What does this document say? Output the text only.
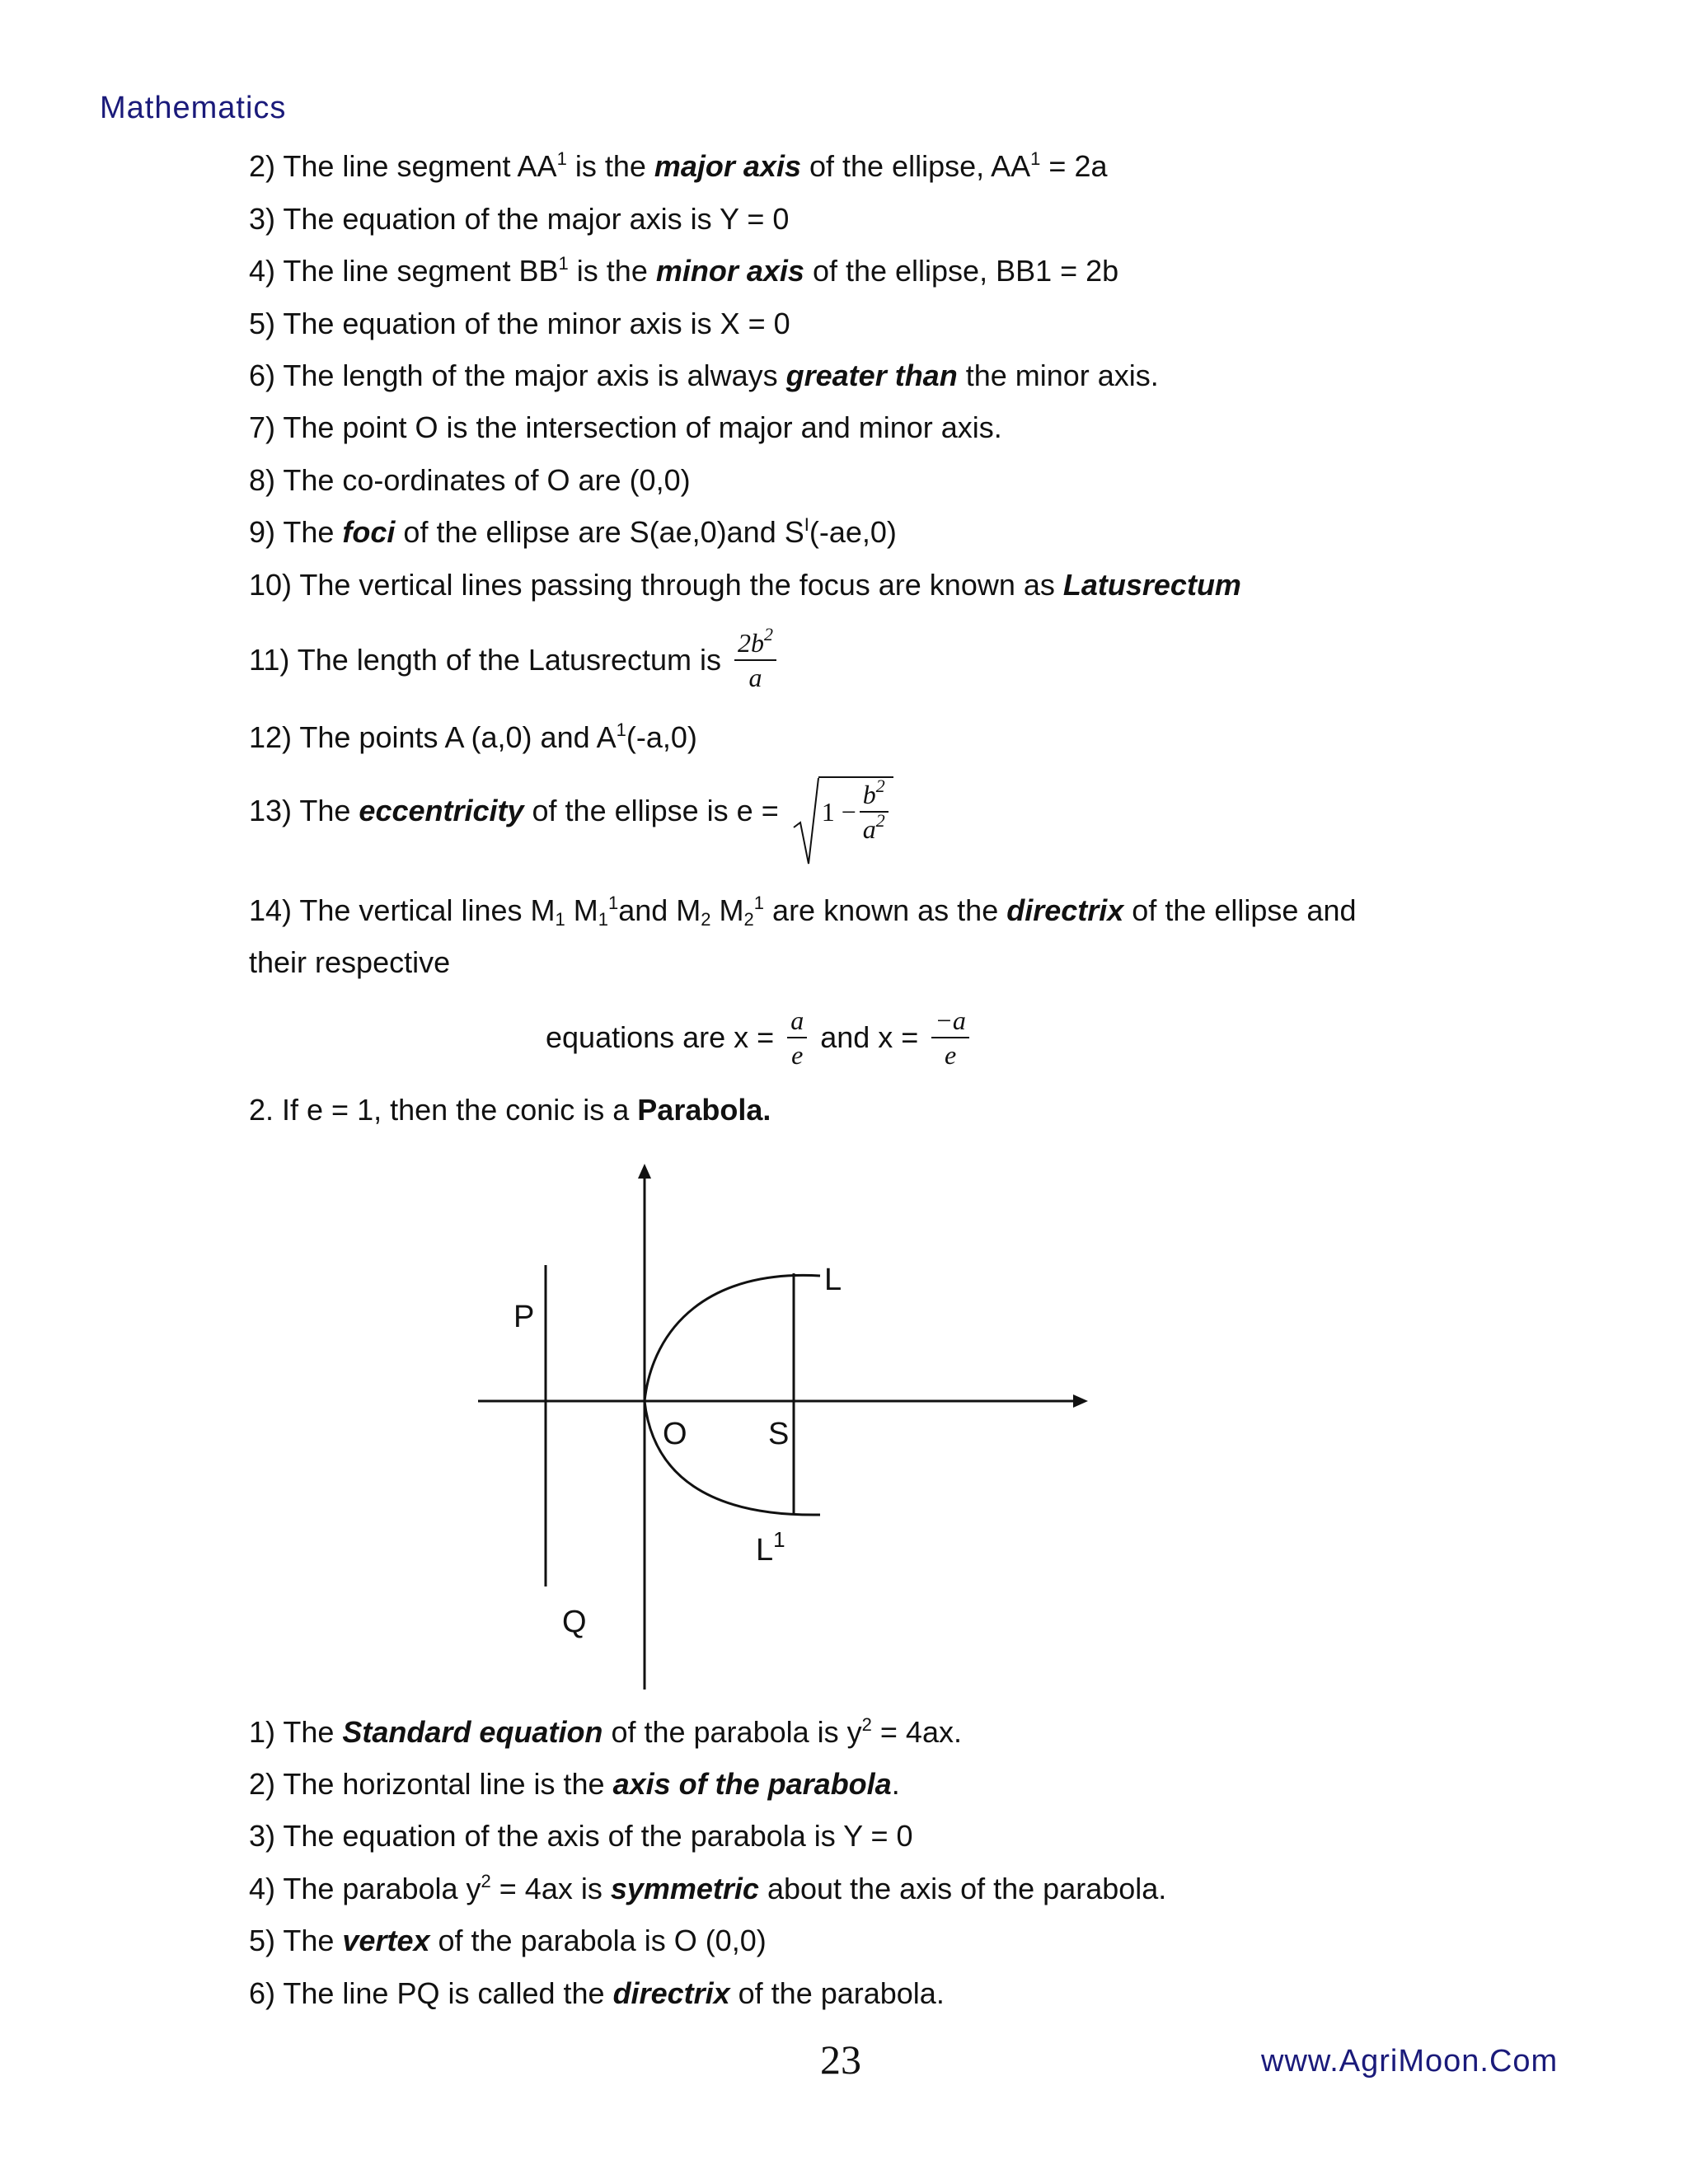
Mathematics
2) The line segment $AA^1$ is the major axis of the ellipse, $AA^1 = 2a$
3) The equation of the major axis is Y = 0
4) The line segment $BB^1$ is the minor axis of the ellipse, BB1 = 2b
5) The equation of the minor axis is X = 0
6) The length of the major axis is always greater than the minor axis.
7) The point O is the intersection of major and minor axis.
8) The co-ordinates of O are (0,0)
9) The foci of the ellipse are S(ae,0)and $S^I(-ae,0)$
10) The vertical lines passing through the focus are known as Latusrectum
11) The length of the Latusrectum is $\frac{2b^2}{a}$
12) The points A (a,0) and $A^1(-a,0)$
13) The eccentricity of the ellipse is e =
$1 - \frac{b^2}{a^2}$
14) The vertical lines $M_1$ $M_1^1and$ $M_2$ $M_2^1$ are known as the directrix of the ellipse and
their respective
equations are $x = \frac{a}{e}$ and $x = \frac{-a}{e}$
2. If e = 1, then the conic is a Parabola.
L
P
O	S
$L^1$
Q
1) The Standard equation of the parabola is $y^2 = 4ax$.
2) The horizontal line is the axis of the parabola.
3) The equation of the axis of the parabola is Y = 0
4) The parabola $y^2 = 4ax$ is symmetric about the axis of the parabola.
5) The vertex of the parabola is O (0,0)
6) The line PQ is called the directrix of the parabola.
23	www.AgriMoon.Com
